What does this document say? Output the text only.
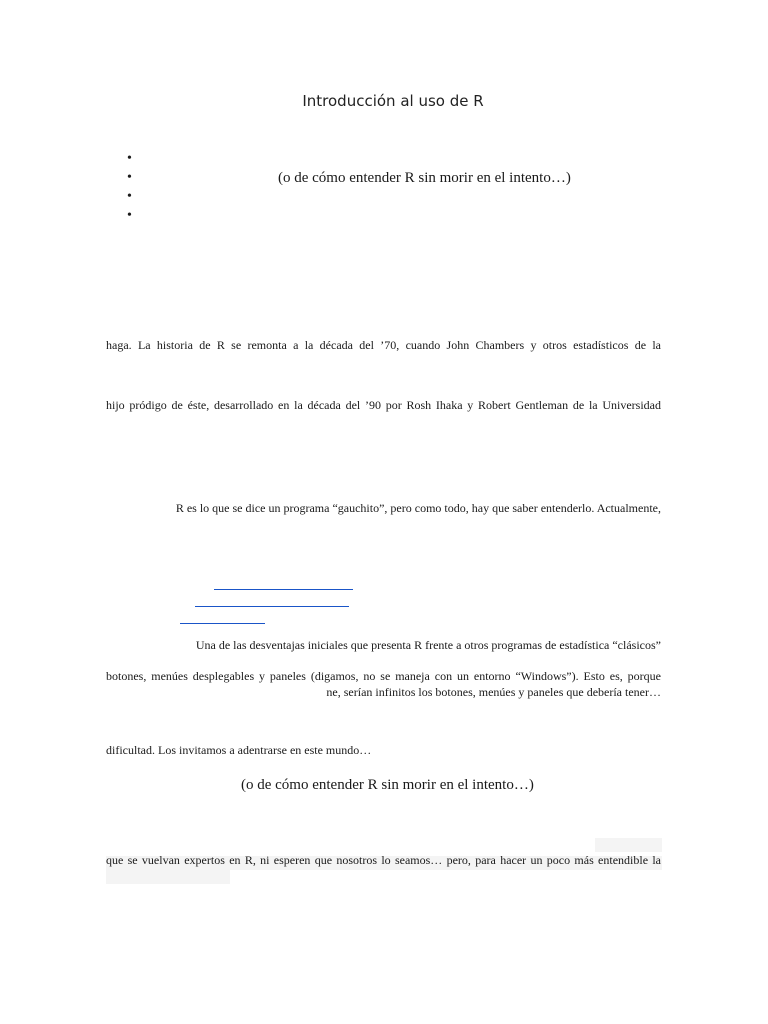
Introducción al uso de R
•
•
•
•
(o de cómo entender R sin morir en el intento…)
haga. La historia de R se remonta a la década del ’70, cuando John Chambers y otros estadísticos de la
hijo pródigo de éste, desarrollado en la década del ’90 por Rosh Ihaka y Robert Gentleman de la Universidad
R es lo que se dice un programa “gauchito”, pero como todo, hay que saber entenderlo. Actualmente,
Una de las desventajas iniciales que presenta R frente a otros programas de estadística “clásicos”
botones, menúes desplegables y paneles (digamos, no se maneja con un entorno “Windows”). Esto es, porque
ne, serían infinitos los botones, menúes y paneles que debería tener…
dificultad. Los invitamos a adentrarse en este mundo…
(o de cómo entender R sin morir en el intento…)
que se vuelvan expertos en R, ni esperen que nosotros lo seamos… pero, para hacer un poco más entendible la
